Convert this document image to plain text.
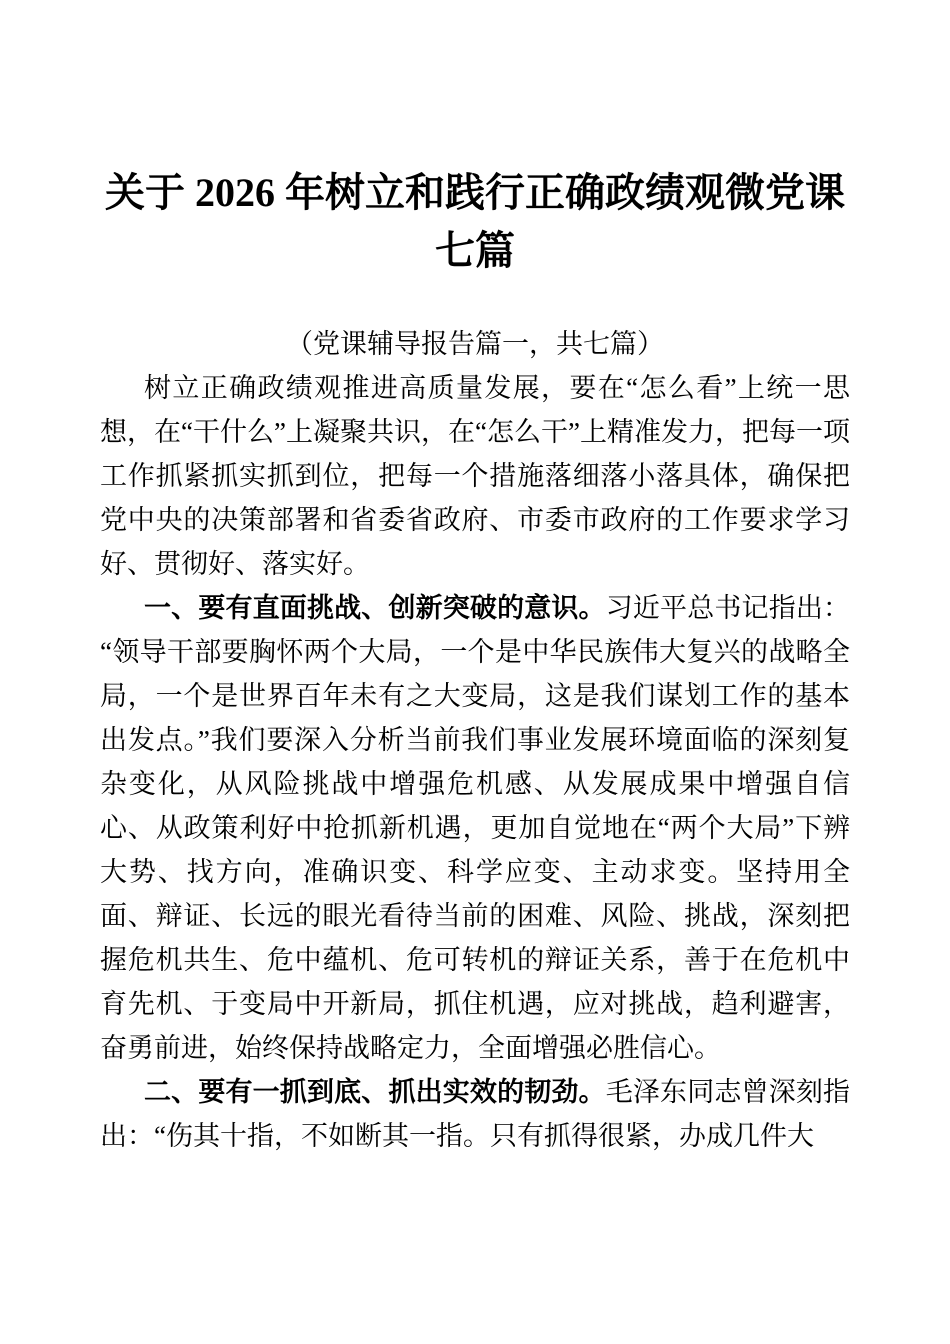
关于 2026 年树立和践行正确政绩观微党课七篇

（党课辅导报告篇一，共七篇）

树立正确政绩观推进高质量发展，要在“怎么看”上统一思想，在“干什么”上凝聚共识，在“怎么干”上精准发力，把每一项工作抓紧抓实抓到位，把每一个措施落细落小落具体，确保把党中央的决策部署和省委省政府、市委市政府的工作要求学习好、贯彻好、落实好。

一、要有直面挑战、创新突破的意识。习近平总书记指出：“领导干部要胸怀两个大局，一个是中华民族伟大复兴的战略全局，一个是世界百年未有之大变局，这是我们谋划工作的基本出发点。”我们要深入分析当前我们事业发展环境面临的深刻复杂变化，从风险挑战中增强危机感、从发展成果中增强自信心、从政策利好中抢抓新机遇，更加自觉地在“两个大局”下辨大势、找方向，准确识变、科学应变、主动求变。坚持用全面、辩证、长远的眼光看待当前的困难、风险、挑战，深刻把握危机共生、危中蕴机、危可转机的辩证关系，善于在危机中育先机、于变局中开新局，抓住机遇，应对挑战，趋利避害，奋勇前进，始终保持战略定力，全面增强必胜信心。

二、要有一抓到底、抓出实效的韧劲。毛泽东同志曾深刻指出：“伤其十指，不如断其一指。只有抓得很紧，办成几件大
